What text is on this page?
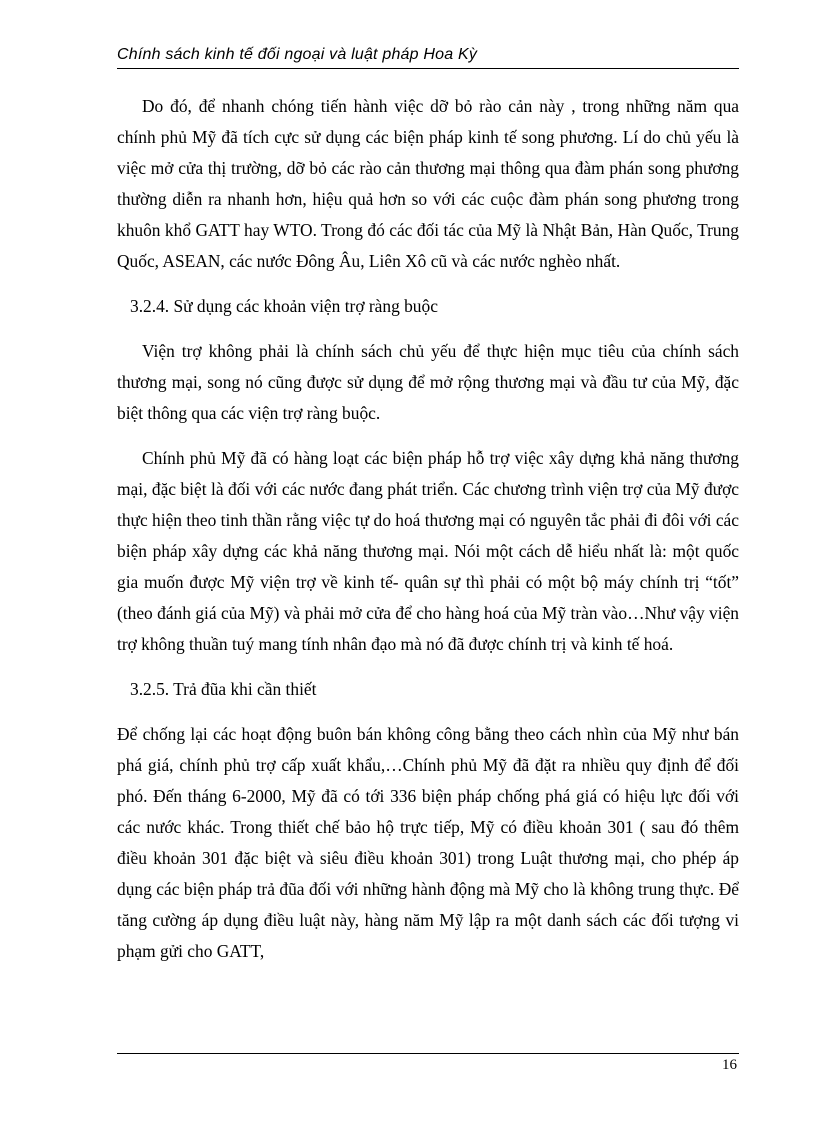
Chính sách kinh tế đối ngoại và luật pháp Hoa Kỳ

Do đó, để nhanh chóng tiến hành việc dỡ bỏ rào cản này , trong những năm qua chính phủ Mỹ đã tích cực sử dụng các biện pháp kinh tế song phương. Lí do chủ yếu là việc mở cửa thị trường, dỡ bỏ các rào cản thương mại thông qua đàm phán song phương thường diễn ra nhanh hơn, hiệu quả hơn so với các cuộc đàm phán song phương trong khuôn khổ GATT hay WTO. Trong đó các đối tác của Mỹ là Nhật Bản, Hàn Quốc, Trung Quốc, ASEAN, các nước Đông Âu, Liên Xô cũ và các nước nghèo nhất.

3.2.4. Sử dụng các khoản viện trợ ràng buộc

Viện trợ không phải là chính sách chủ yếu để thực hiện mục tiêu của chính sách thương mại, song nó cũng được sử dụng để mở rộng thương mại và đầu tư của Mỹ, đặc biệt thông qua các viện trợ ràng buộc.

Chính phủ Mỹ đã có hàng loạt các biện pháp hỗ trợ việc xây dựng khả năng thương mại, đặc biệt là đối với các nước đang phát triển. Các chương trình viện trợ của Mỹ được thực hiện theo tinh thần rằng việc tự do hoá thương mại có nguyên tắc phải đi đôi với các biện pháp xây dựng các khả năng thương mại. Nói một cách dễ hiểu nhất là: một quốc gia muốn được Mỹ viện trợ về kinh tế- quân sự thì phải có một bộ máy chính trị “tốt” (theo đánh giá của Mỹ) và phải mở cửa để cho hàng hoá của Mỹ tràn vào…Như vậy viện trợ không thuần tuý mang tính nhân đạo mà nó đã được chính trị và kinh tế hoá.

3.2.5. Trả đũa khi cần thiết

Để chống lại các hoạt động buôn bán không công bằng theo cách nhìn của Mỹ như bán phá giá, chính phủ trợ cấp xuất khẩu,…Chính phủ Mỹ đã đặt ra nhiều quy định để đối phó. Đến tháng 6-2000, Mỹ đã có tới 336 biện pháp chống phá giá có hiệu lực đối với các nước khác. Trong thiết chế bảo hộ trực tiếp, Mỹ có điều khoản 301 ( sau đó thêm điều khoản 301 đặc biệt và siêu điều khoản 301) trong Luật thương mại, cho phép áp dụng các biện pháp trả đũa đối với những hành động mà Mỹ cho là không trung thực. Để tăng cường áp dụng điều luật này, hàng năm Mỹ lập ra một danh sách các đối tượng vi phạm gửi cho GATT,

16
